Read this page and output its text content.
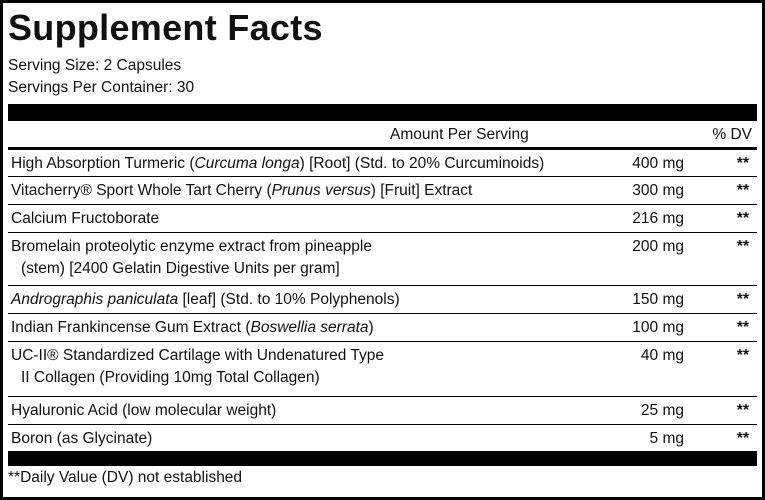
Supplement Facts
Serving Size: 2 Capsules
Servings Per Container: 30
Amount Per Serving	% DV
High Absorption Turmeric (Curcuma longa) [Root] (Std. to 20% Curcuminoids)	400 mg	**
Vitacherry® Sport Whole Tart Cherry (Prunus versus) [Fruit] Extract	300 mg	**
Calcium Fructoborate	216 mg	**
Bromelain proteolytic enzyme extract from pineapple
(stem) [2400 Gelatin Digestive Units per gram]
200 mg	**
Andrographis paniculata [leaf] (Std. to 10% Polyphenols)	150 mg	**
Indian Frankincense Gum Extract (Boswellia serrata)	100 mg	**
UC-II® Standardized Cartilage with Undenatured Type
II Collagen (Providing 10mg Total Collagen)
40 mg	**
Hyaluronic Acid (low molecular weight)	25 mg	**
Boron (as Glycinate)	5 mg	**
**Daily Value (DV) not established
